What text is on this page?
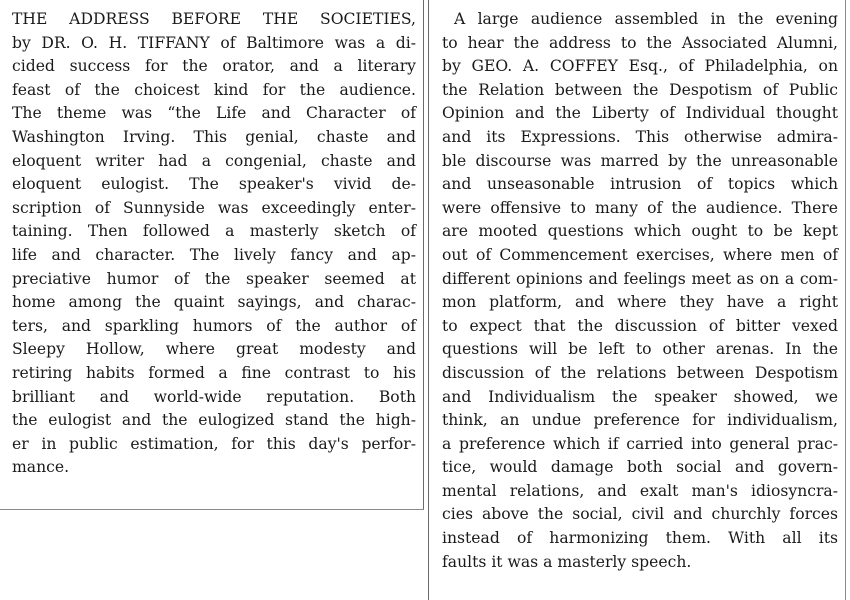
THE ADDRESS BEFORE THE SOCIETIES,
by DR. O. H. TIFFANY of Baltimore was a di-
cided success for the orator, and a literary
feast of the choicest kind for the audience.
The theme was “the Life and Character of
Washington Irving. This genial, chaste and
eloquent writer had a congenial, chaste and
eloquent eulogist. The speaker's vivid de-
scription of Sunnyside was exceedingly enter-
taining. Then followed a masterly sketch of
life and character. The lively fancy and ap-
preciative humor of the speaker seemed at
home among the quaint sayings, and charac-
ters, and sparkling humors of the author of
Sleepy Hollow, where great modesty and
retiring habits formed a fine contrast to his
brilliant and world-wide reputation. Both
the eulogist and the eulogized stand the high-
er in public estimation, for this day's perfor-
mance.
A large audience assembled in the evening
to hear the address to the Associated Alumni,
by GEO. A. COFFEY Esq., of Philadelphia, on
the Relation between the Despotism of Public
Opinion and the Liberty of Individual thought
and its Expressions. This otherwise admira-
ble discourse was marred by the unreasonable
and unseasonable intrusion of topics which
were offensive to many of the audience. There
are mooted questions which ought to be kept
out of Commencement exercises, where men of
different opinions and feelings meet as on a com-
mon platform, and where they have a right
to expect that the discussion of bitter vexed
questions will be left to other arenas. In the
discussion of the relations between Despotism
and Individualism the speaker showed, we
think, an undue preference for individualism,
a preference which if carried into general prac-
tice, would damage both social and govern-
mental relations, and exalt man's idiosyncra-
cies above the social, civil and churchly forces
instead of harmonizing them. With all its
faults it was a masterly speech.
